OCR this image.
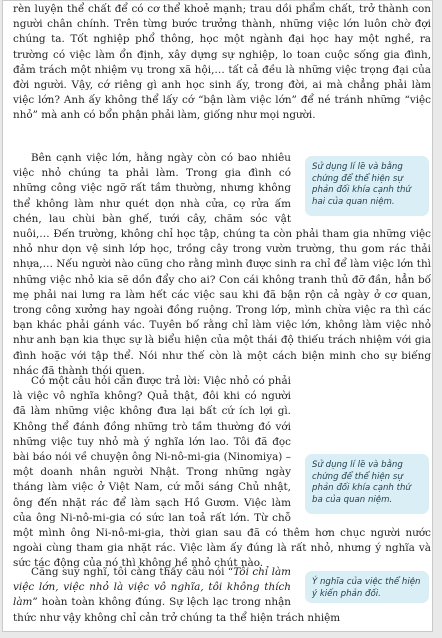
rèn luyện thể chất để có cơ thể khoẻ mạnh; trau dồi phẩm chất, trở thành con người chân chính. Trên từng bước trưởng thành, những việc lớn luôn chờ đợi chúng ta. Tốt nghiệp phổ thông, học một ngành đại học hay một nghề, ra trường có việc làm ổn định, xây dựng sự nghiệp, lo toan cuộc sống gia đình, đảm trách một nhiệm vụ trong xã hội,… tất cả đều là những việc trọng đại của đời người. Vậy, cớ riêng gì anh học sinh ấy, trong đời, ai mà chẳng phải làm việc lớn? Anh ấy không thể lấy cớ “bận làm việc lớn” để né tránh những “việc nhỏ” mà anh có bổn phận phải làm, giống như mọi người.
Bên cạnh việc lớn, hằng ngày còn có bao nhiêu việc nhỏ chúng ta phải làm. Trong gia đình có những công việc ngỡ rất tầm thường, nhưng không thể không làm như quét dọn nhà cửa, cọ rửa ấm chén, lau chùi bàn ghế, tưới cây, chăm sóc vật nuôi,… Đến trường, không chỉ học tập, chúng ta còn phải tham gia những việc nhỏ như dọn vệ sinh lớp học, trồng cây trong vườn trường, thu gom rác thải nhựa,… Nếu người nào cũng cho rằng mình được sinh ra chỉ để làm việc lớn thì những việc nhỏ kia sẽ dồn đẩy cho ai? Con cái không tranh thủ đỡ đần, hẳn bố mẹ phải nai lưng ra làm hết các việc sau khi đã bận rộn cả ngày ở cơ quan, trong công xưởng hay ngoài đồng ruộng. Trong lớp, mình chừa việc ra thì các bạn khác phải gánh vác. Tuyên bố rằng chỉ làm việc lớn, không làm việc nhỏ như anh bạn kia thực sự là biểu hiện của một thái độ thiếu trách nhiệm với gia đình hoặc với tập thể. Nói như thế còn là một cách biện minh cho sự biếng nhác đã thành thói quen.
Có một câu hỏi cần được trả lời: Việc nhỏ có phải là việc vô nghĩa không? Quả thật, đôi khi có người đã làm những việc không đưa lại bất cứ ích lợi gì. Không thể đánh đồng những trò tầm thường đó với những việc tuy nhỏ mà ý nghĩa lớn lao. Tôi đã đọc bài báo nói về chuyện ông Ni-nô-mi-gia (Ninomiya) – một doanh nhân người Nhật. Trong những ngày tháng làm việc ở Việt Nam, cứ mỗi sáng Chủ nhật, ông đến nhặt rác để làm sạch Hồ Gươm. Việc làm của ông Ni-nô-mi-gia có sức lan toả rất lớn. Từ chỗ một mình ông Ni-nô-mi-gia, thời gian sau đã có thêm hơn chục người nước ngoài cùng tham gia nhặt rác. Việc làm ấy đúng là rất nhỏ, nhưng ý nghĩa và sức tác động của nó thì không hề nhỏ chút nào.
Căng suy nghĩ, tôi càng thấy câu nói “Tôi chỉ làm việc lớn, việc nhỏ là việc vô nghĩa, tôi không thích làm” hoàn toàn không đúng. Sự lệch lạc trong nhận thức như vậy không chỉ cản trở chúng ta thể hiện trách nhiệm
Sử dụng lí lẽ và bằng chứng để thể hiện sự phản đối khía cạnh thứ hai của quan niệm.
Sử dụng lí lẽ và bằng chứng để thể hiện sự phản đối khía cạnh thứ ba của quan niệm.
Ý nghĩa của việc thể hiện ý kiến phản đối.
